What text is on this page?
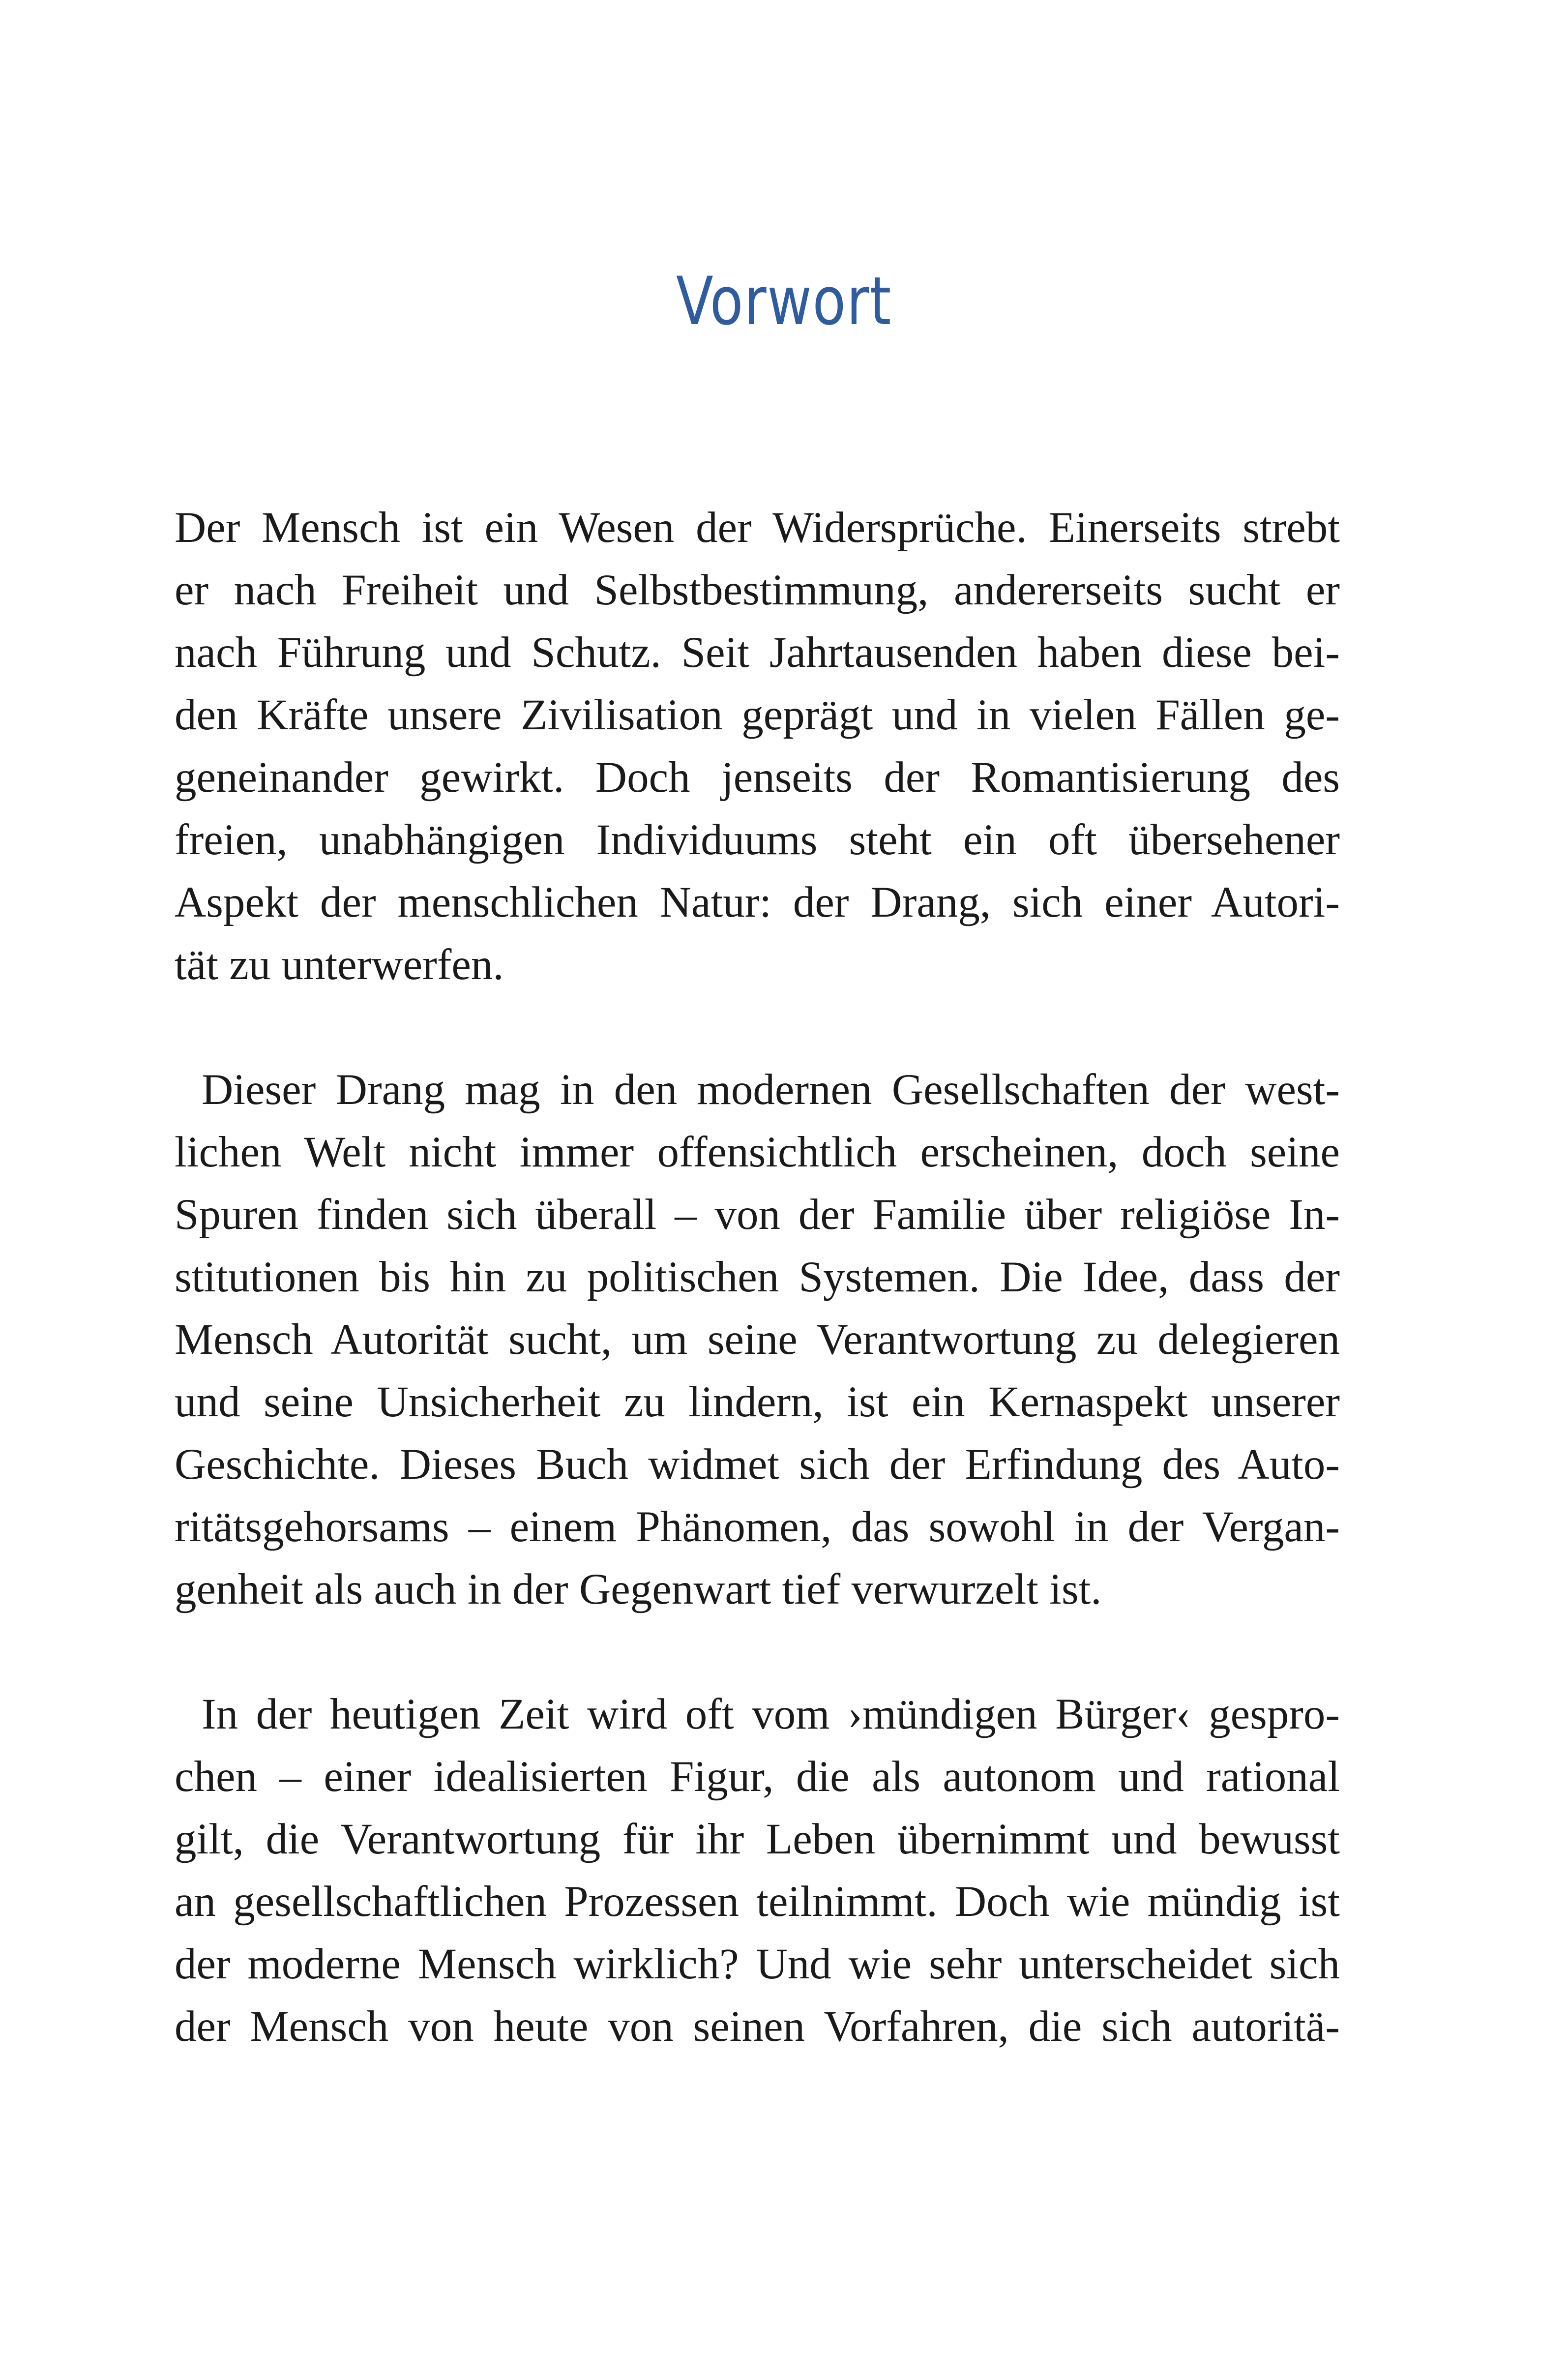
Vorwort
Der Mensch ist ein Wesen der Widersprüche. Einerseits strebt
er nach Freiheit und Selbstbestimmung, andererseits sucht er
nach Führung und Schutz. Seit Jahrtausenden haben diese bei-
den Kräfte unsere Zivilisation geprägt und in vielen Fällen ge-
geneinander gewirkt. Doch jenseits der Romantisierung des
freien, unabhängigen Individuums steht ein oft übersehener
Aspekt der menschlichen Natur: der Drang, sich einer Autori-
tät zu unterwerfen.
Dieser Drang mag in den modernen Gesellschaften der west-
lichen Welt nicht immer offensichtlich erscheinen, doch seine
Spuren finden sich überall – von der Familie über religiöse In-
stitutionen bis hin zu politischen Systemen. Die Idee, dass der
Mensch Autorität sucht, um seine Verantwortung zu delegieren
und seine Unsicherheit zu lindern, ist ein Kernaspekt unserer
Geschichte. Dieses Buch widmet sich der Erfindung des Auto-
ritätsgehorsams – einem Phänomen, das sowohl in der Vergan-
genheit als auch in der Gegenwart tief verwurzelt ist.
In der heutigen Zeit wird oft vom ›mündigen Bürger‹ gespro-
chen – einer idealisierten Figur, die als autonom und rational
gilt, die Verantwortung für ihr Leben übernimmt und bewusst
an gesellschaftlichen Prozessen teilnimmt. Doch wie mündig ist
der moderne Mensch wirklich? Und wie sehr unterscheidet sich
der Mensch von heute von seinen Vorfahren, die sich autoritä-
